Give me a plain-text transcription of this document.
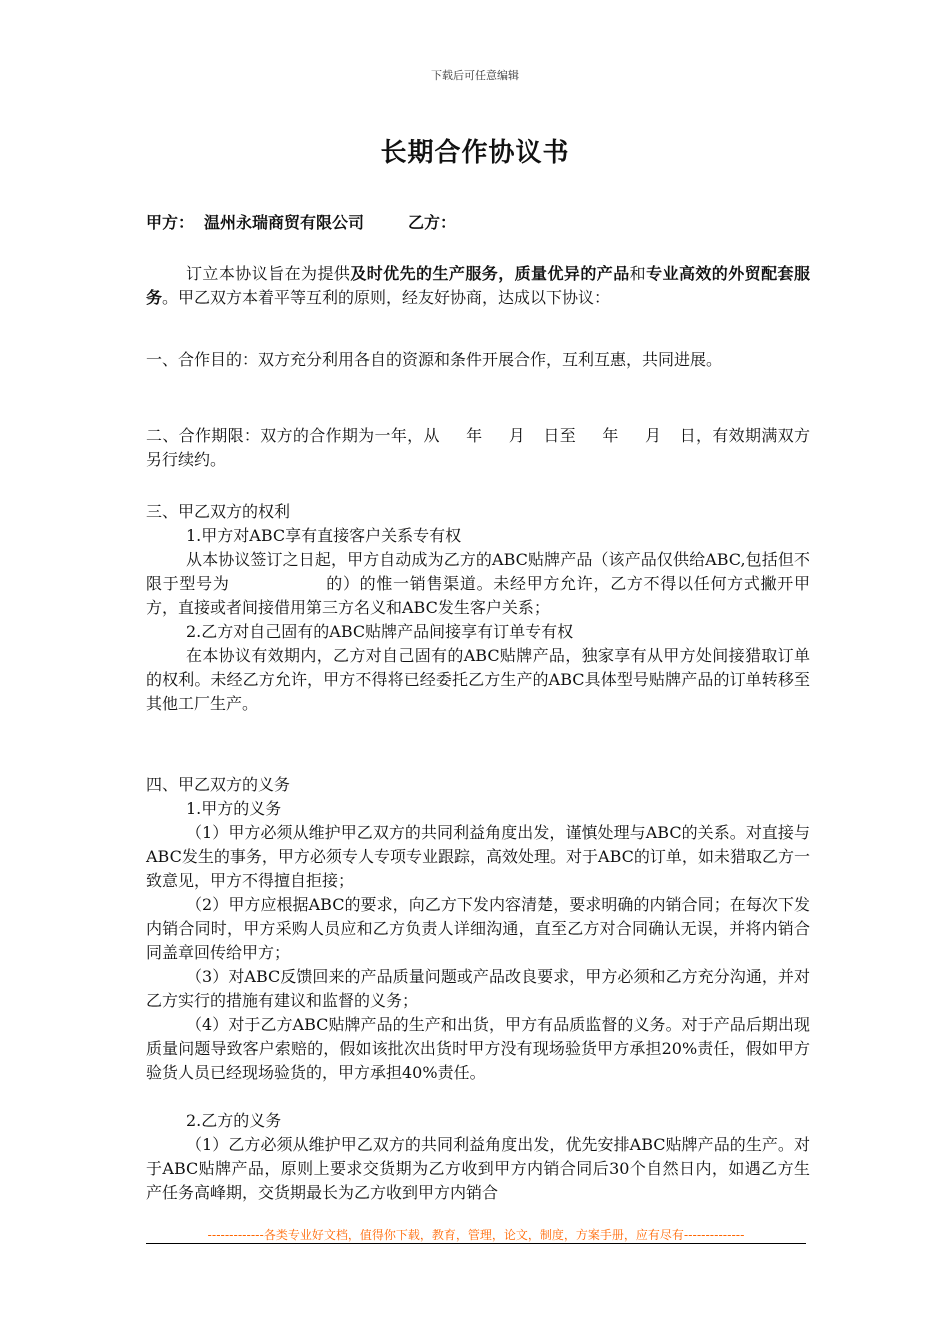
下载后可任意编辑
长期合作协议书
甲方： 温州永瑞商贸有限公司	乙方：
订立本协议旨在为提供及时优先的生产服务，质量优异的产品和专业高效的外贸配套服务。甲乙双方本着平等互利的原则，经友好协商，达成以下协议：
一、合作目的：双方充分利用各自的资源和条件开展合作，互利互惠，共同进展。
二、合作期限：双方的合作期为一年，从 年 月 日至 年 月 日，有效期满双方另行续约。
三、甲乙双方的权利
1.甲方对ABC享有直接客户关系专有权
从本协议签订之日起，甲方自动成为乙方的ABC贴牌产品（该产品仅供给ABC,包括但不限于型号为	的）的惟一销售渠道。未经甲方允许，乙方不得以任何方式撇开甲方，直接或者间接借用第三方名义和ABC发生客户关系；
2.乙方对自己固有的ABC贴牌产品间接享有订单专有权
在本协议有效期内，乙方对自己固有的ABC贴牌产品，独家享有从甲方处间接猎取订单的权利。未经乙方允许，甲方不得将已经委托乙方生产的ABC具体型号贴牌产品的订单转移至其他工厂生产。
四、甲乙双方的义务
1.甲方的义务
（1）甲方必须从维护甲乙双方的共同利益角度出发，谨慎处理与ABC的关系。对直接与ABC发生的事务，甲方必须专人专项专业跟踪，高效处理。对于ABC的订单，如未猎取乙方一致意见，甲方不得擅自拒接；
（2）甲方应根据ABC的要求，向乙方下发内容清楚，要求明确的内销合同；在每次下发内销合同时，甲方采购人员应和乙方负责人详细沟通，直至乙方对合同确认无误，并将内销合同盖章回传给甲方；
（3）对ABC反馈回来的产品质量问题或产品改良要求，甲方必须和乙方充分沟通，并对乙方实行的措施有建议和监督的义务；
（4）对于乙方ABC贴牌产品的生产和出货，甲方有品质监督的义务。对于产品后期出现质量问题导致客户索赔的，假如该批次出货时甲方没有现场验货甲方承担20%责任，假如甲方验货人员已经现场验货的，甲方承担40%责任。
2.乙方的义务
（1）乙方必须从维护甲乙双方的共同利益角度出发，优先安排ABC贴牌产品的生产。对于ABC贴牌产品，原则上要求交货期为乙方收到甲方内销合同后30个自然日内，如遇乙方生产任务高峰期，交货期最长为乙方收到甲方内销合
-------------各类专业好文档，值得你下载，教育，管理，论文，制度，方案手册，应有尽有--------------
